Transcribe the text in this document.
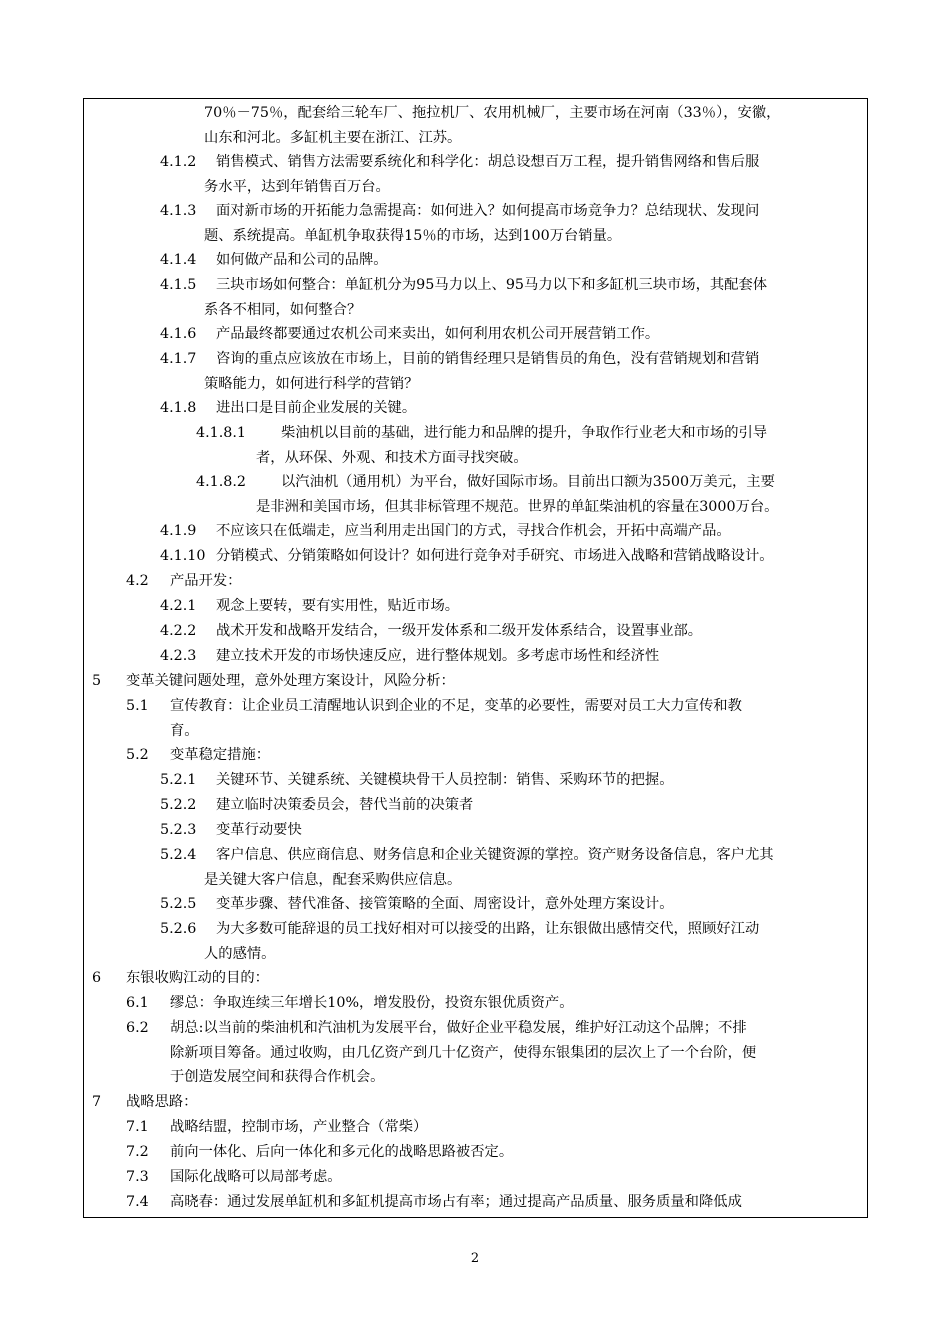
70％－75％，配套给三轮车厂、拖拉机厂、农用机械厂，主要市场在河南（33％），安徽，
山东和河北。多缸机主要在浙江、江苏。
4.1.2 销售模式、销售方法需要系统化和科学化：胡总设想百万工程，提升销售网络和售后服
务水平，达到年销售百万台。
4.1.3 面对新市场的开拓能力急需提高：如何进入？如何提高市场竞争力？总结现状、发现问
题、系统提高。单缸机争取获得15％的市场，达到100万台销量。
4.1.4 如何做产品和公司的品牌。
4.1.5 三块市场如何整合：单缸机分为95马力以上、95马力以下和多缸机三块市场，其配套体
系各不相同，如何整合？
4.1.6 产品最终都要通过农机公司来卖出，如何利用农机公司开展营销工作。
4.1.7 咨询的重点应该放在市场上，目前的销售经理只是销售员的角色，没有营销规划和营销
策略能力，如何进行科学的营销？
4.1.8 进出口是目前企业发展的关键。
4.1.8.1 柴油机以目前的基础，进行能力和品牌的提升，争取作行业老大和市场的引导
者，从环保、外观、和技术方面寻找突破。
4.1.8.2 以汽油机（通用机）为平台，做好国际市场。目前出口额为3500万美元，主要
是非洲和美国市场，但其非标管理不规范。世界的单缸柴油机的容量在3000万台。
4.1.9 不应该只在低端走，应当利用走出国门的方式，寻找合作机会，开拓中高端产品。
4.1.10 分销模式、分销策略如何设计？如何进行竞争对手研究、市场进入战略和营销战略设计。
4.2 产品开发：
4.2.1 观念上要转，要有实用性，贴近市场。
4.2.2 战术开发和战略开发结合，一级开发体系和二级开发体系结合，设置事业部。
4.2.3 建立技术开发的市场快速反应，进行整体规划。多考虑市场性和经济性
5 变革关键问题处理，意外处理方案设计，风险分析：
5.1 宣传教育：让企业员工清醒地认识到企业的不足，变革的必要性，需要对员工大力宣传和教
育。
5.2 变革稳定措施：
5.2.1 关键环节、关键系统、关键模块骨干人员控制：销售、采购环节的把握。
5.2.2 建立临时决策委员会，替代当前的决策者
5.2.3 变革行动要快
5.2.4 客户信息、供应商信息、财务信息和企业关键资源的掌控。资产财务设备信息，客户尤其
是关键大客户信息，配套采购供应信息。
5.2.5 变革步骤、替代准备、接管策略的全面、周密设计，意外处理方案设计。
5.2.6 为大多数可能辞退的员工找好相对可以接受的出路，让东银做出感情交代，照顾好江动
人的感情。
6 东银收购江动的目的：
6.1 缪总：争取连续三年增长10%，增发股份，投资东银优质资产。
6.2 胡总:以当前的柴油机和汽油机为发展平台，做好企业平稳发展，维护好江动这个品牌；不排
除新项目筹备。通过收购，由几亿资产到几十亿资产，使得东银集团的层次上了一个台阶，便
于创造发展空间和获得合作机会。
7 战略思路：
7.1 战略结盟，控制市场，产业整合（常柴）
7.2 前向一体化、后向一体化和多元化的战略思路被否定。
7.3 国际化战略可以局部考虑。
7.4 高晓春：通过发展单缸机和多缸机提高市场占有率；通过提高产品质量、服务质量和降低成
2
